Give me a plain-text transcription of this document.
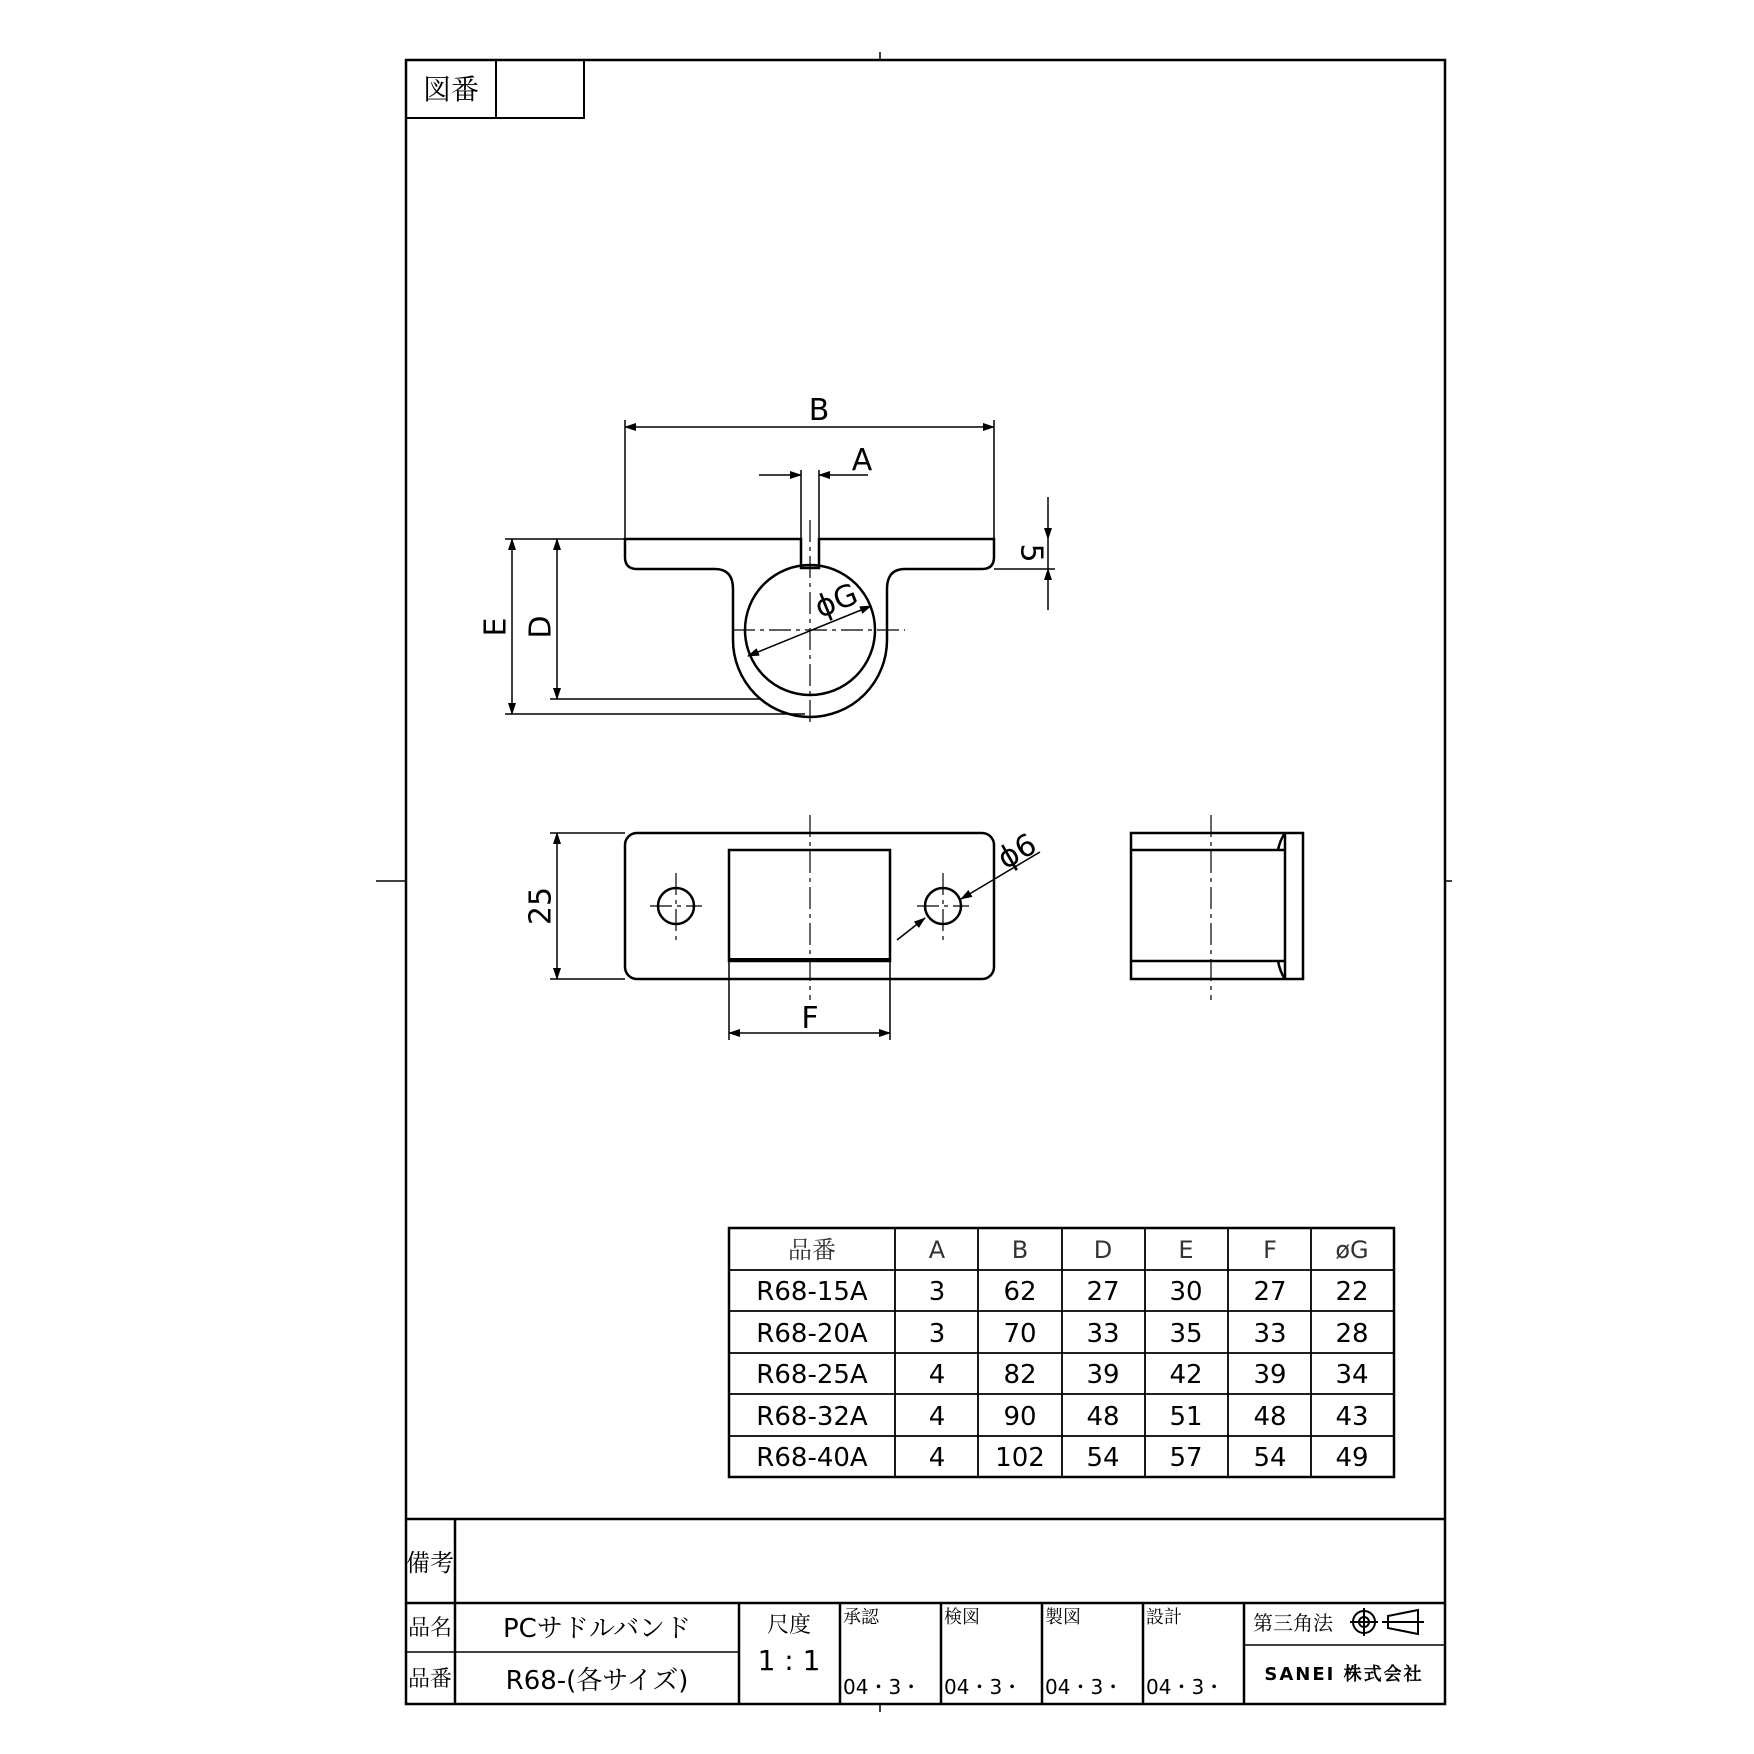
図番
B
A
5
E D
ϕG
25
F
ϕ6
品番	A	B	D	E	F øG
R68-15A 3 62 27 30 27 22
R68-20A 3 70 33 35 33 28
R68-25A 4 82 39 42 39 34
R68-32A 4 90 48 51 48 43
R68-40A 4 102 54 57 54 49
備考
品名 PCサドルバンド
品番 R68-(各サイズ)
尺度
1 : 1
承認
04・3・
検図
04・3・
製図
04・3・
設計
04・3・
第三角法
SANEI 株式会社
